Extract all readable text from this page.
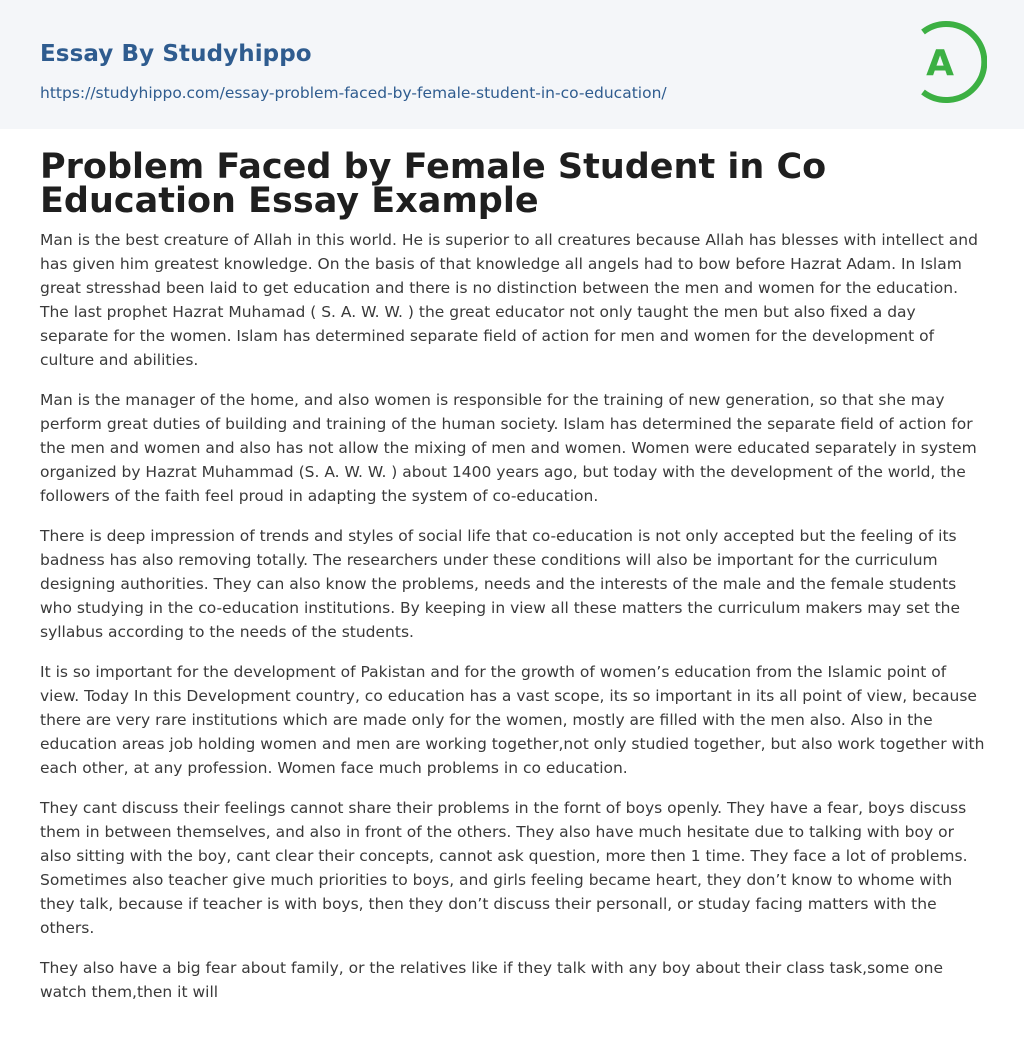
Essay By Studyhippo
https://studyhippo.com/essay-problem-faced-by-female-student-in-co-education/
A
Problem Faced by Female Student in Co Education Essay Example

Man is the best creature of Allah in this world. He is superior to all creatures because Allah has blesses with intellect and has given him greatest knowledge. On the basis of that knowledge all angels had to bow before Hazrat Adam. In Islam great stresshad been laid to get education and there is no distinction between the men and women for the education. The last prophet Hazrat Muhamad ( S. A. W. W. ) the great educator not only taught the men but also fixed a day separate for the women. Islam has determined separate field of action for men and women for the development of culture and abilities.

Man is the manager of the home, and also women is responsible for the training of new generation, so that she may perform great duties of building and training of the human society. Islam has determined the separate field of action for the men and women and also has not allow the mixing of men and women. Women were educated separately in system organized by Hazrat Muhammad (S. A. W. W. ) about 1400 years ago, but today with the development of the world, the followers of the faith feel proud in adapting the system of co-education.

There is deep impression of trends and styles of social life that co-education is not only accepted but the feeling of its badness has also removing totally. The researchers under these conditions will also be important for the curriculum designing authorities. They can also know the problems, needs and the interests of the male and the female students who studying in the co-education institutions. By keeping in view all these matters the curriculum makers may set the syllabus according to the needs of the students.

It is so important for the development of Pakistan and for the growth of women’s education from the Islamic point of view. Today In this Development country, co education has a vast scope, its so important in its all point of view, because there are very rare institutions which are made only for the women, mostly are filled with the men also. Also in the education areas job holding women and men are working together,not only studied together, but also work together with each other, at any profession. Women face much problems in co education.

They cant discuss their feelings cannot share their problems in the fornt of boys openly. They have a fear, boys discuss them in between themselves, and also in front of the others. They also have much hesitate due to talking with boy or also sitting with the boy, cant clear their concepts, cannot ask question, more then 1 time. They face a lot of problems. Sometimes also teacher give much priorities to boys, and girls feeling became heart, they don’t know to whome with they talk, because if teacher is with boys, then they don’t discuss their personall, or studay facing matters with the others.

They also have a big fear about family, or the relatives like if they talk with any boy about their class task,some one watch them,then it will
